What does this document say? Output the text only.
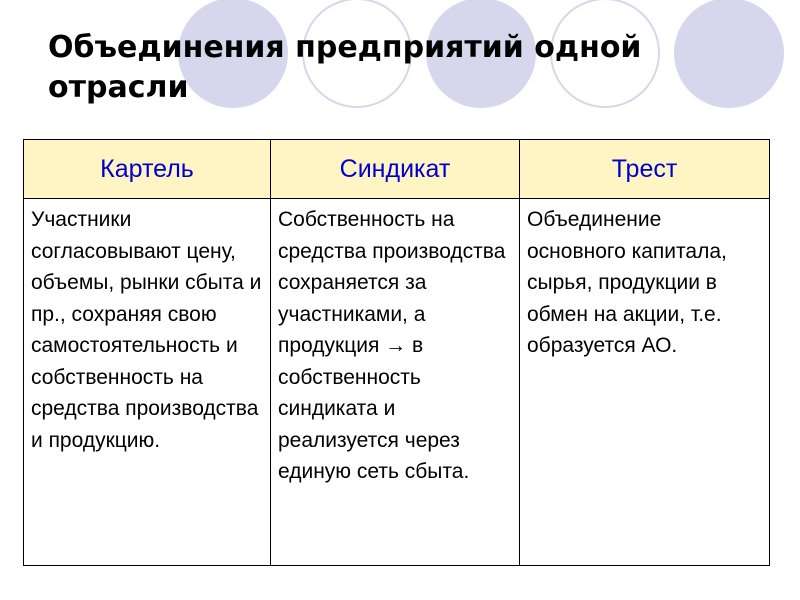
Объединения предприятий одной отрасли
Картель	Синдикат	Трест
Участники согласовывают цену, объемы, рынки сбыта и пр., сохраняя свою самостоятельность и собственность на средства производства и продукцию.	Собственность на средства производства сохраняется за участниками, а продукция → в собственность синдиката и реализуется через единую сеть сбыта.	Объединение основного капитала, сырья, продукции в обмен на акции, т.е. образуется АО.
